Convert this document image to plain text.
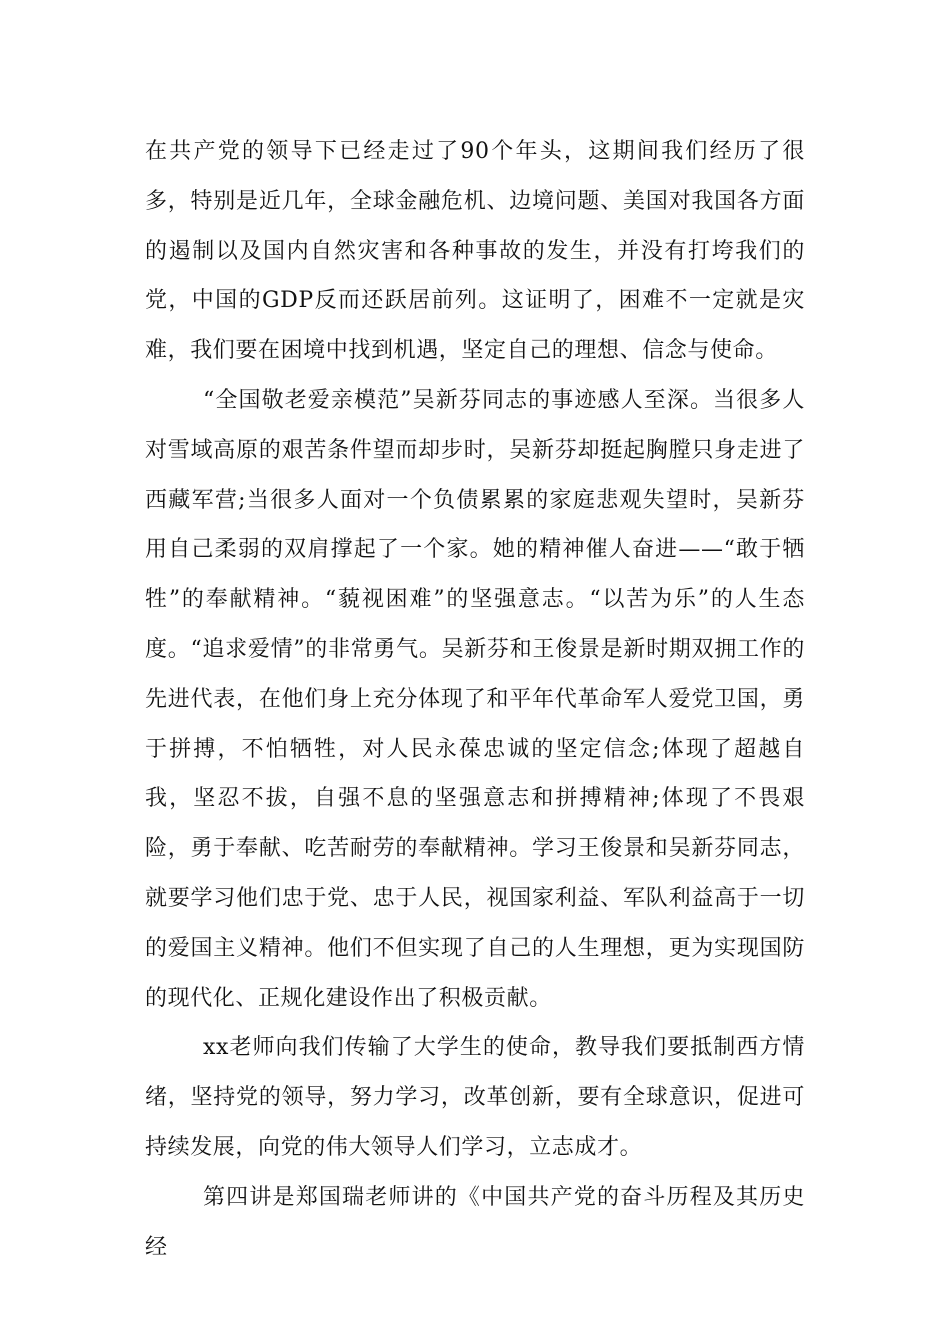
在共产党的领导下已经走过了90个年头，这期间我们经历了很多，特别是近几年，全球金融危机、边境问题、美国对我国各方面的遏制以及国内自然灾害和各种事故的发生，并没有打垮我们的党，中国的GDP反而还跃居前列。这证明了，困难不一定就是灾难，我们要在困境中找到机遇，坚定自己的理想、信念与使命。

“全国敬老爱亲模范”吴新芬同志的事迹感人至深。当很多人对雪域高原的艰苦条件望而却步时，吴新芬却挺起胸膛只身走进了西藏军营;当很多人面对一个负债累累的家庭悲观失望时，吴新芬用自己柔弱的双肩撑起了一个家。她的精神催人奋进——“敢于牺牲”的奉献精神。“藐视困难”的坚强意志。“以苦为乐”的人生态度。“追求爱情”的非常勇气。吴新芬和王俊景是新时期双拥工作的先进代表，在他们身上充分体现了和平年代革命军人爱党卫国，勇于拼搏，不怕牺牲，对人民永葆忠诚的坚定信念;体现了超越自我，坚忍不拔，自强不息的坚强意志和拼搏精神;体现了不畏艰险，勇于奉献、吃苦耐劳的奉献精神。学习王俊景和吴新芬同志，就要学习他们忠于党、忠于人民，视国家利益、军队利益高于一切的爱国主义精神。他们不但实现了自己的人生理想，更为实现国防的现代化、正规化建设作出了积极贡献。

xx老师向我们传输了大学生的使命，教导我们要抵制西方情绪，坚持党的领导，努力学习，改革创新，要有全球意识，促进可持续发展，向党的伟大领导人们学习，立志成才。

第四讲是郑国瑞老师讲的《中国共产党的奋斗历程及其历史经
